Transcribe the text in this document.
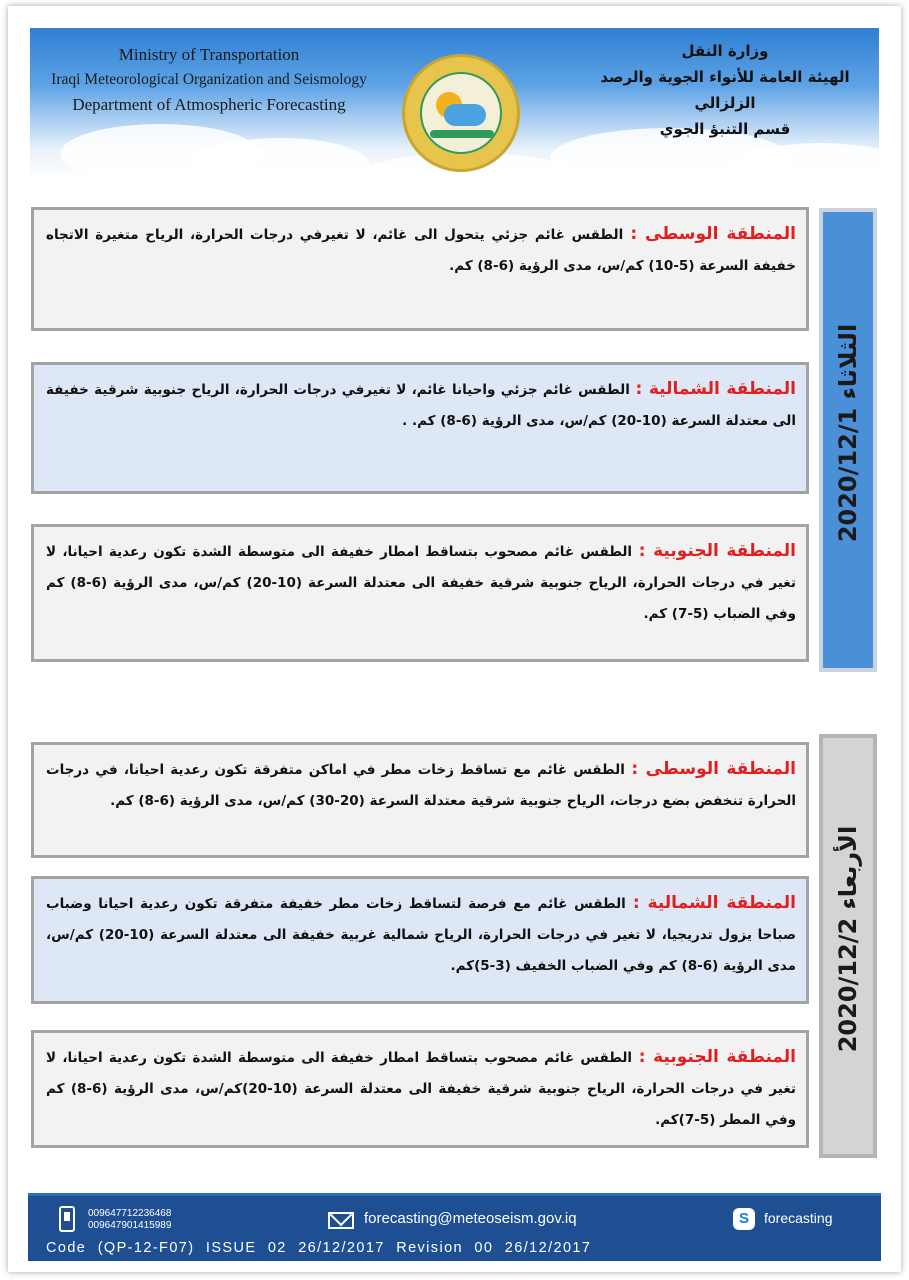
Ministry of Transportation
Iraqi Meteorological Organization and Seismology
Department of Atmospheric Forecasting
وزارة النقل
الهيئة العامة للأنواء الجوية والرصد الزلزالي
قسم التنبؤ الجوي
الثلاثاء 2020/12/1
المنطقة الوسطى : الطقس غائم جزئي يتحول الى غائم، لا تغيرفي درجات الحرارة، الرياح متغيرة الاتجاه خفيفة السرعة (5-10) كم/س، مدى الرؤية (6-8) كم.
المنطقة الشمالية : الطقس غائم جزئي واحيانا غائم، لا تغيرفي درجات الحرارة، الرياح جنوبية شرقية خفيفة الى معتدلة السرعة (10-20) كم/س، مدى الرؤية (6-8) كم. .
المنطقة الجنوبية : الطقس غائم مصحوب بتساقط امطار خفيفة الى متوسطة الشدة تكون رعدية احيانا، لا تغير في درجات الحرارة، الرياح جنوبية شرقية خفيفة الى معتدلة السرعة (10-20) كم/س، مدى الرؤية (6-8) كم وفي الضباب (5-7) كم.
الأربعاء 2020/12/2
المنطقة الوسطى : الطقس غائم مع تساقط زخات مطر في اماكن متفرقة تكون رعدية احيانا، في درجات الحرارة تنخفض بضع درجات، الرياح جنوبية شرقية معتدلة السرعة (20-30) كم/س، مدى الرؤية (6-8) كم.
المنطقة الشمالية : الطقس غائم مع فرصة لتساقط زخات مطر خفيفة متفرقة تكون رعدية احيانا وضباب صباحا يزول تدريجيا، لا تغير في درجات الحرارة، الرياح شمالية غربية خفيفة الى معتدلة السرعة (10-20) كم/س، مدى الرؤية (6-8) كم وفي الضباب الخفيف (3-5)كم.
المنطقة الجنوبية : الطقس غائم مصحوب بتساقط امطار خفيفة الى متوسطة الشدة تكون رعدية احيانا، لا تغير في درجات الحرارة، الرياح جنوبية شرقية خفيفة الى معتدلة السرعة (10-20)كم/س، مدى الرؤية (6-8) كم وفي المطر (5-7)كم.
009647712236468
009647901415989	forecasting@meteoseism.gov.iq	S	forecasting
Code (QP-12-F07) ISSUE 02 26/12/2017 Revision 00 26/12/2017
